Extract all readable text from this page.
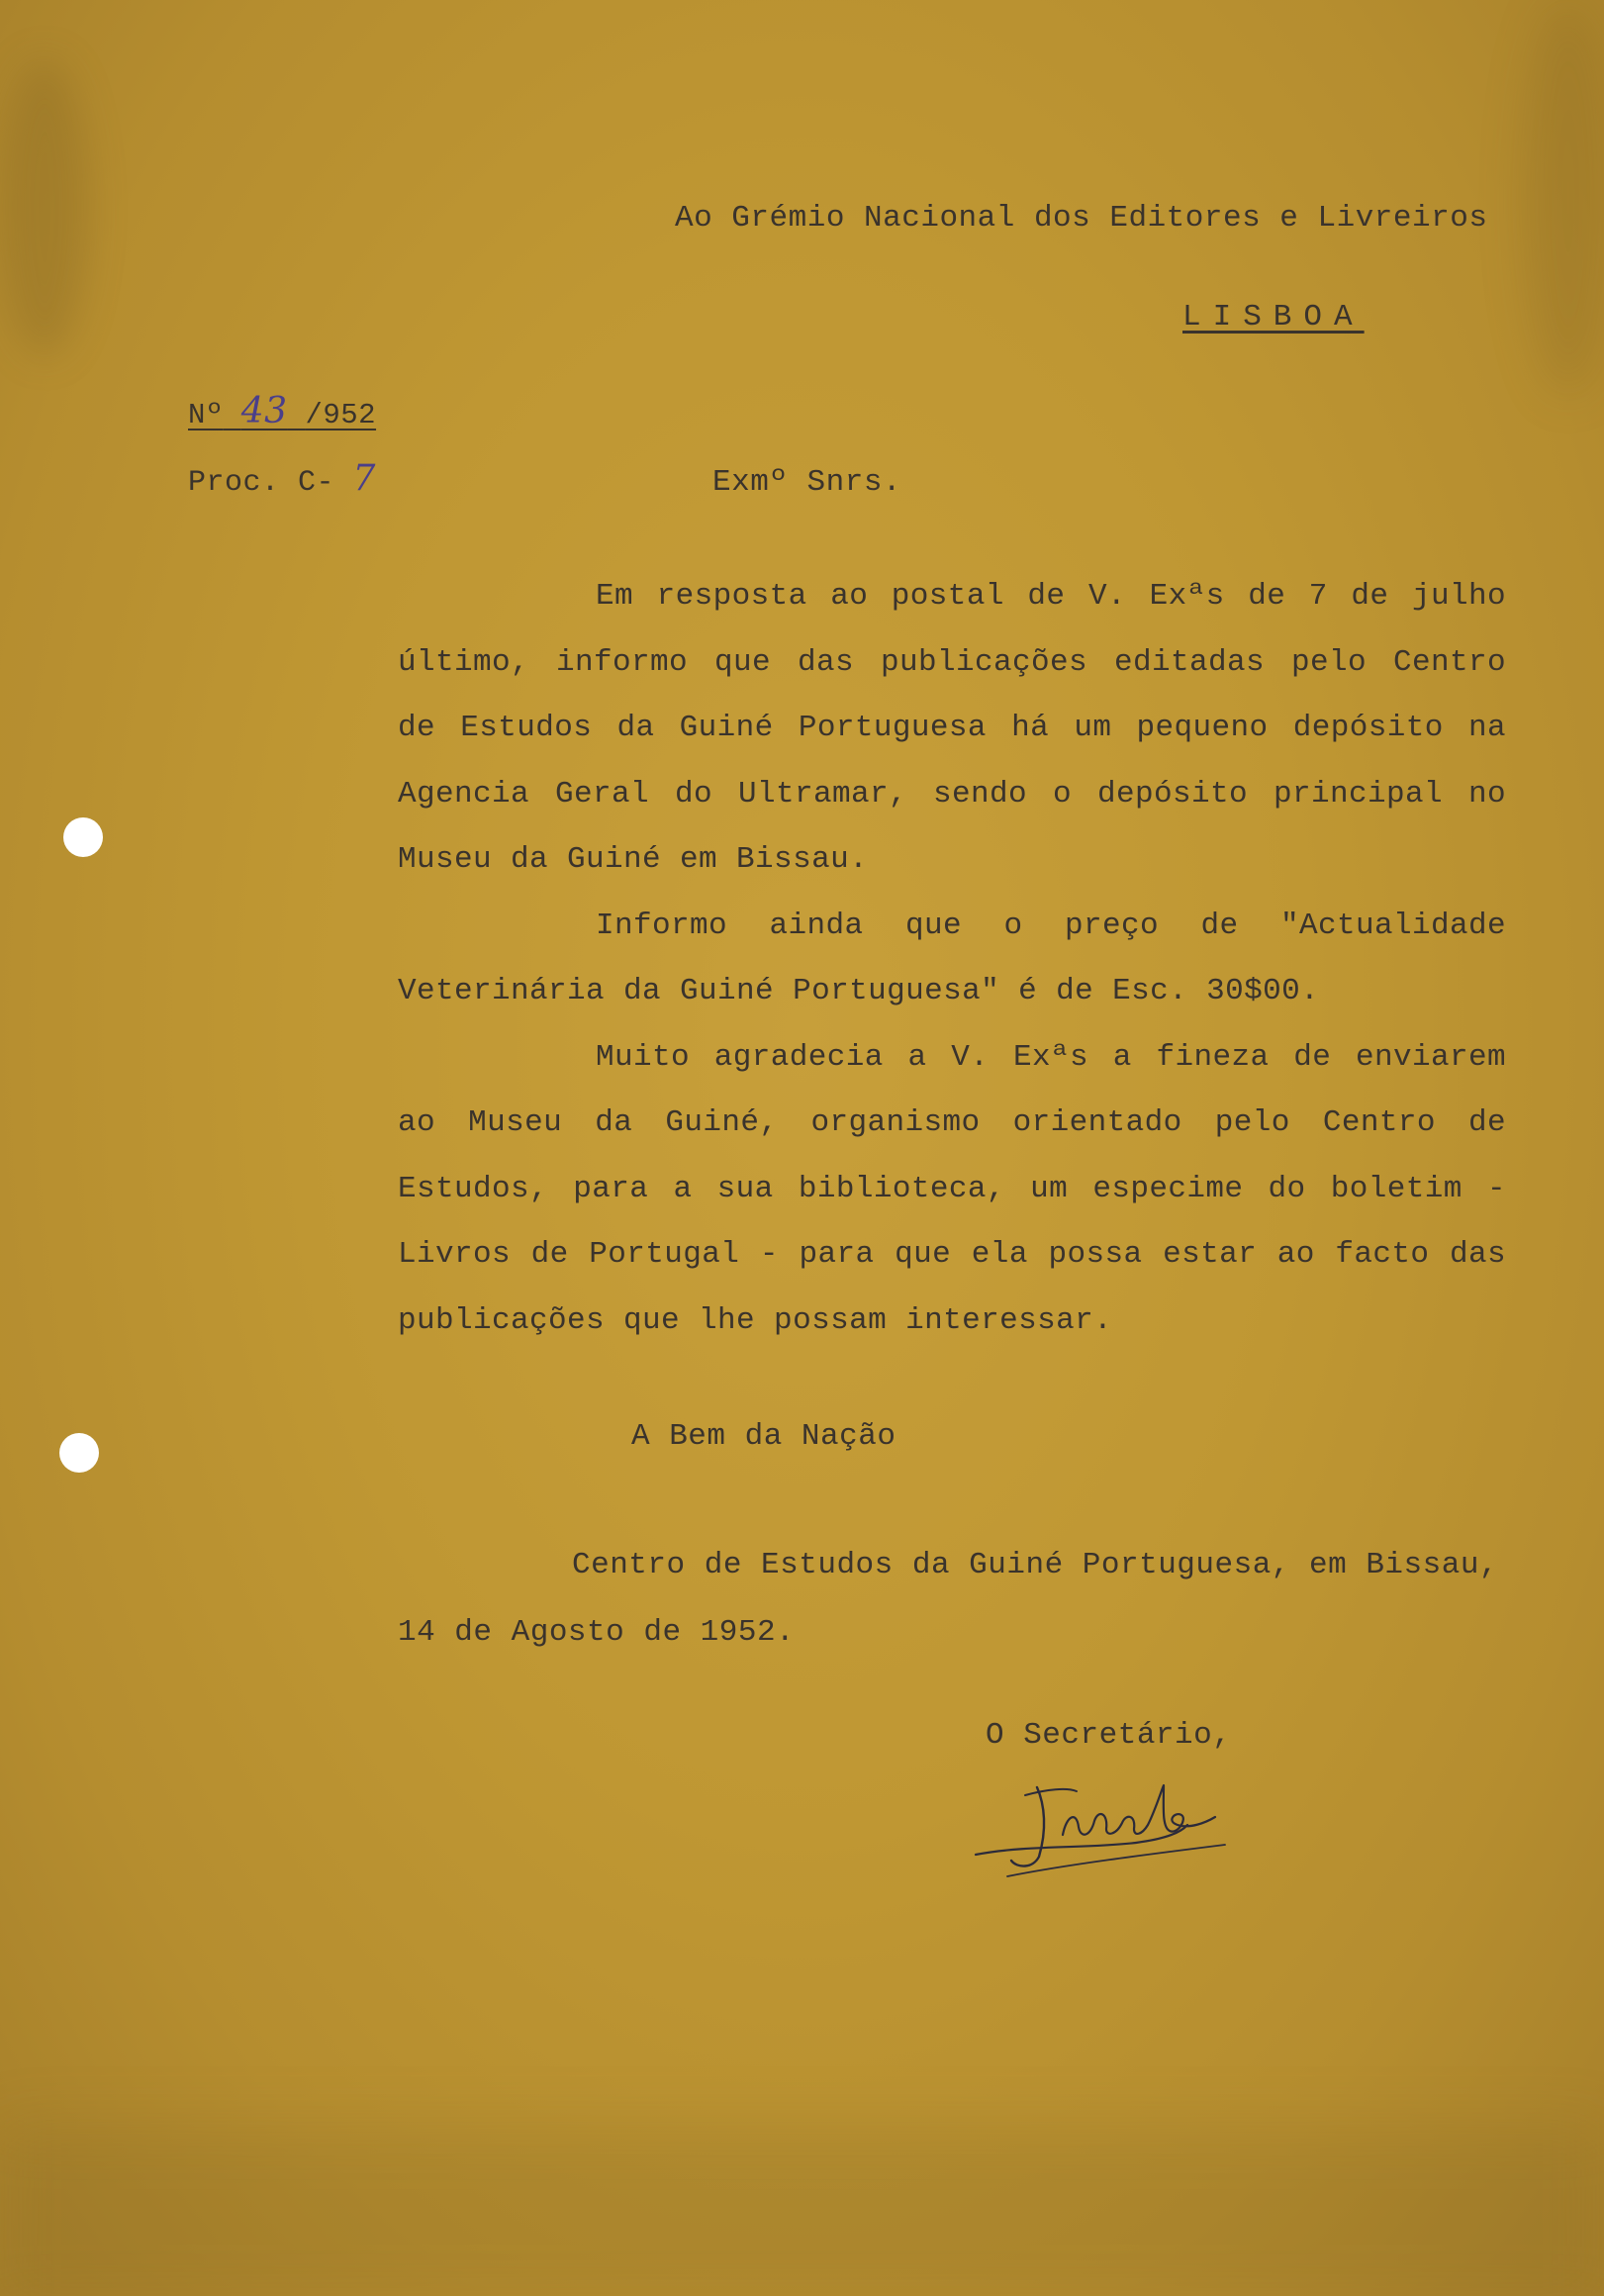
Ao Grémio Nacional dos Editores e Livreiros
LISBOA
Nº 43 /952
Proc. C- 7	Exmº Snrs.

Em resposta ao postal de V. Exªs de 7 de julho último, informo que das publicações editadas pelo Centro de Estudos da Guiné Portuguesa há um pequeno depósito na Agencia Geral do Ultramar, sendo o depósito principal no Museu da Guiné em Bissau.

Informo ainda que o preço de "Actualidade Veterinária da Guiné Portuguesa" é de Esc. 30$00.

Muito agradecia a V. Exªs a fineza de enviarem ao Museu da Guiné, organismo orientado pelo Centro de Estudos, para a sua biblioteca, um especime do boletim - Livros de Portugal - para que ela possa estar ao facto das publicações que lhe possam interessar.

A Bem da Nação
Centro de Estudos da Guiné Portuguesa, em Bissau,
14 de Agosto de 1952.
O Secretário,
